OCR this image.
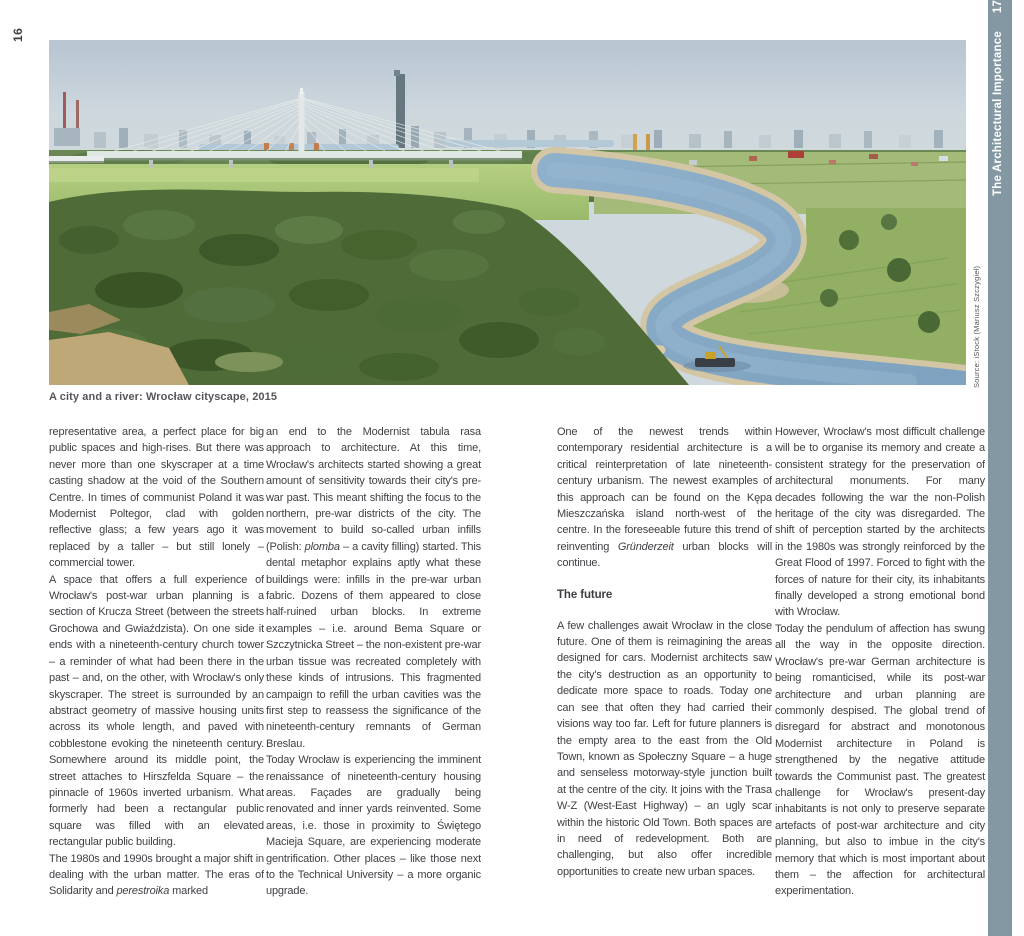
16
Source: iStock (Mariusz Szczygieł)
A city and a river: Wrocław cityscape, 2015

representative area, a perfect place for big public spaces and high-rises. But there was never more than one skyscraper at a time casting shadow at the void of the Southern Centre. In times of communist Poland it was Modernist Poltegor, clad with golden reflective glass; a few years ago it was replaced by a taller – but still lonely – commercial tower.

A space that offers a full experience of Wrocław's post-war urban planning is a section of Krucza Street (between the streets Grochowa and Gwiaździsta). On one side it ends with a nineteenth-century church tower – a reminder of what had been there in the past – and, on the other, with Wrocław's only skyscraper. The street is surrounded by an abstract geometry of massive housing units across its whole length, and paved with cobblestone evoking the nineteenth century. Somewhere around its middle point, the street attaches to Hirszfelda Square – the pinnacle of 1960s inverted urbanism. What formerly had been a rectangular public square was filled with an elevated rectangular public building.

The 1980s and 1990s brought a major shift in dealing with the urban matter. The eras of Solidarity and perestroika marked

an end to the Modernist tabula rasa approach to architecture. At this time, Wrocław's architects started showing a great amount of sensitivity towards their city's pre-war past. This meant shifting the focus to the northern, pre-war districts of the city. The movement to build so-called urban infills (Polish: plomba – a cavity filling) started. This dental metaphor explains aptly what these buildings were: infills in the pre-war urban fabric. Dozens of them appeared to close half-ruined urban blocks. In extreme examples – i.e. around Bema Square or Szczytnicka Street – the non-existent pre-war urban tissue was recreated completely with these kinds of intrusions. This fragmented campaign to refill the urban cavities was the first step to reassess the significance of the nineteenth-century remnants of German Breslau.

Today Wrocław is experiencing the imminent renaissance of nineteenth-century housing areas. Façades are gradually being renovated and inner yards reinvented. Some areas, i.e. those in proximity to Świętego Macieja Square, are experiencing moderate gentrification. Other places – like those next to the Technical University – a more organic upgrade.

One of the newest trends within contemporary residential architecture is a critical reinterpretation of late nineteenth-century urbanism. The newest examples of this approach can be found on the Kępa Mieszczańska island north-west of the centre. In the foreseeable future this trend of reinventing Gründerzeit urban blocks will continue.

The future

A few challenges await Wrocław in the close future. One of them is reimagining the areas designed for cars. Modernist architects saw the city's destruction as an opportunity to dedicate more space to roads. Today one can see that often they had carried their visions way too far. Left for future planners is the empty area to the east from the Old Town, known as Społeczny Square – a huge and senseless motorway-style junction built at the centre of the city. It joins with the Trasa W-Z (West-East Highway) – an ugly scar within the historic Old Town. Both spaces are in need of redevelopment. Both are challenging, but also offer incredible opportunities to create new urban spaces.

However, Wrocław's most difficult challenge will be to organise its memory and create a consistent strategy for the preservation of architectural monuments. For many decades following the war the non-Polish heritage of the city was disregarded. The shift of perception started by the architects in the 1980s was strongly reinforced by the Great Flood of 1997. Forced to fight with the forces of nature for their city, its inhabitants finally developed a strong emotional bond with Wrocław.

Today the pendulum of affection has swung all the way in the opposite direction. Wrocław's pre-war German architecture is being romanticised, while its post-war architecture and urban planning are commonly despised. The global trend of disregard for abstract and monotonous Modernist architecture in Poland is strengthened by the negative attitude towards the Communist past. The greatest challenge for Wrocław's present-day inhabitants is not only to preserve separate artefacts of post-war architecture and city planning, but also to imbue in the city's memory that which is most important about them – the affection for architectural experimentation.

The Architectural Importance17
